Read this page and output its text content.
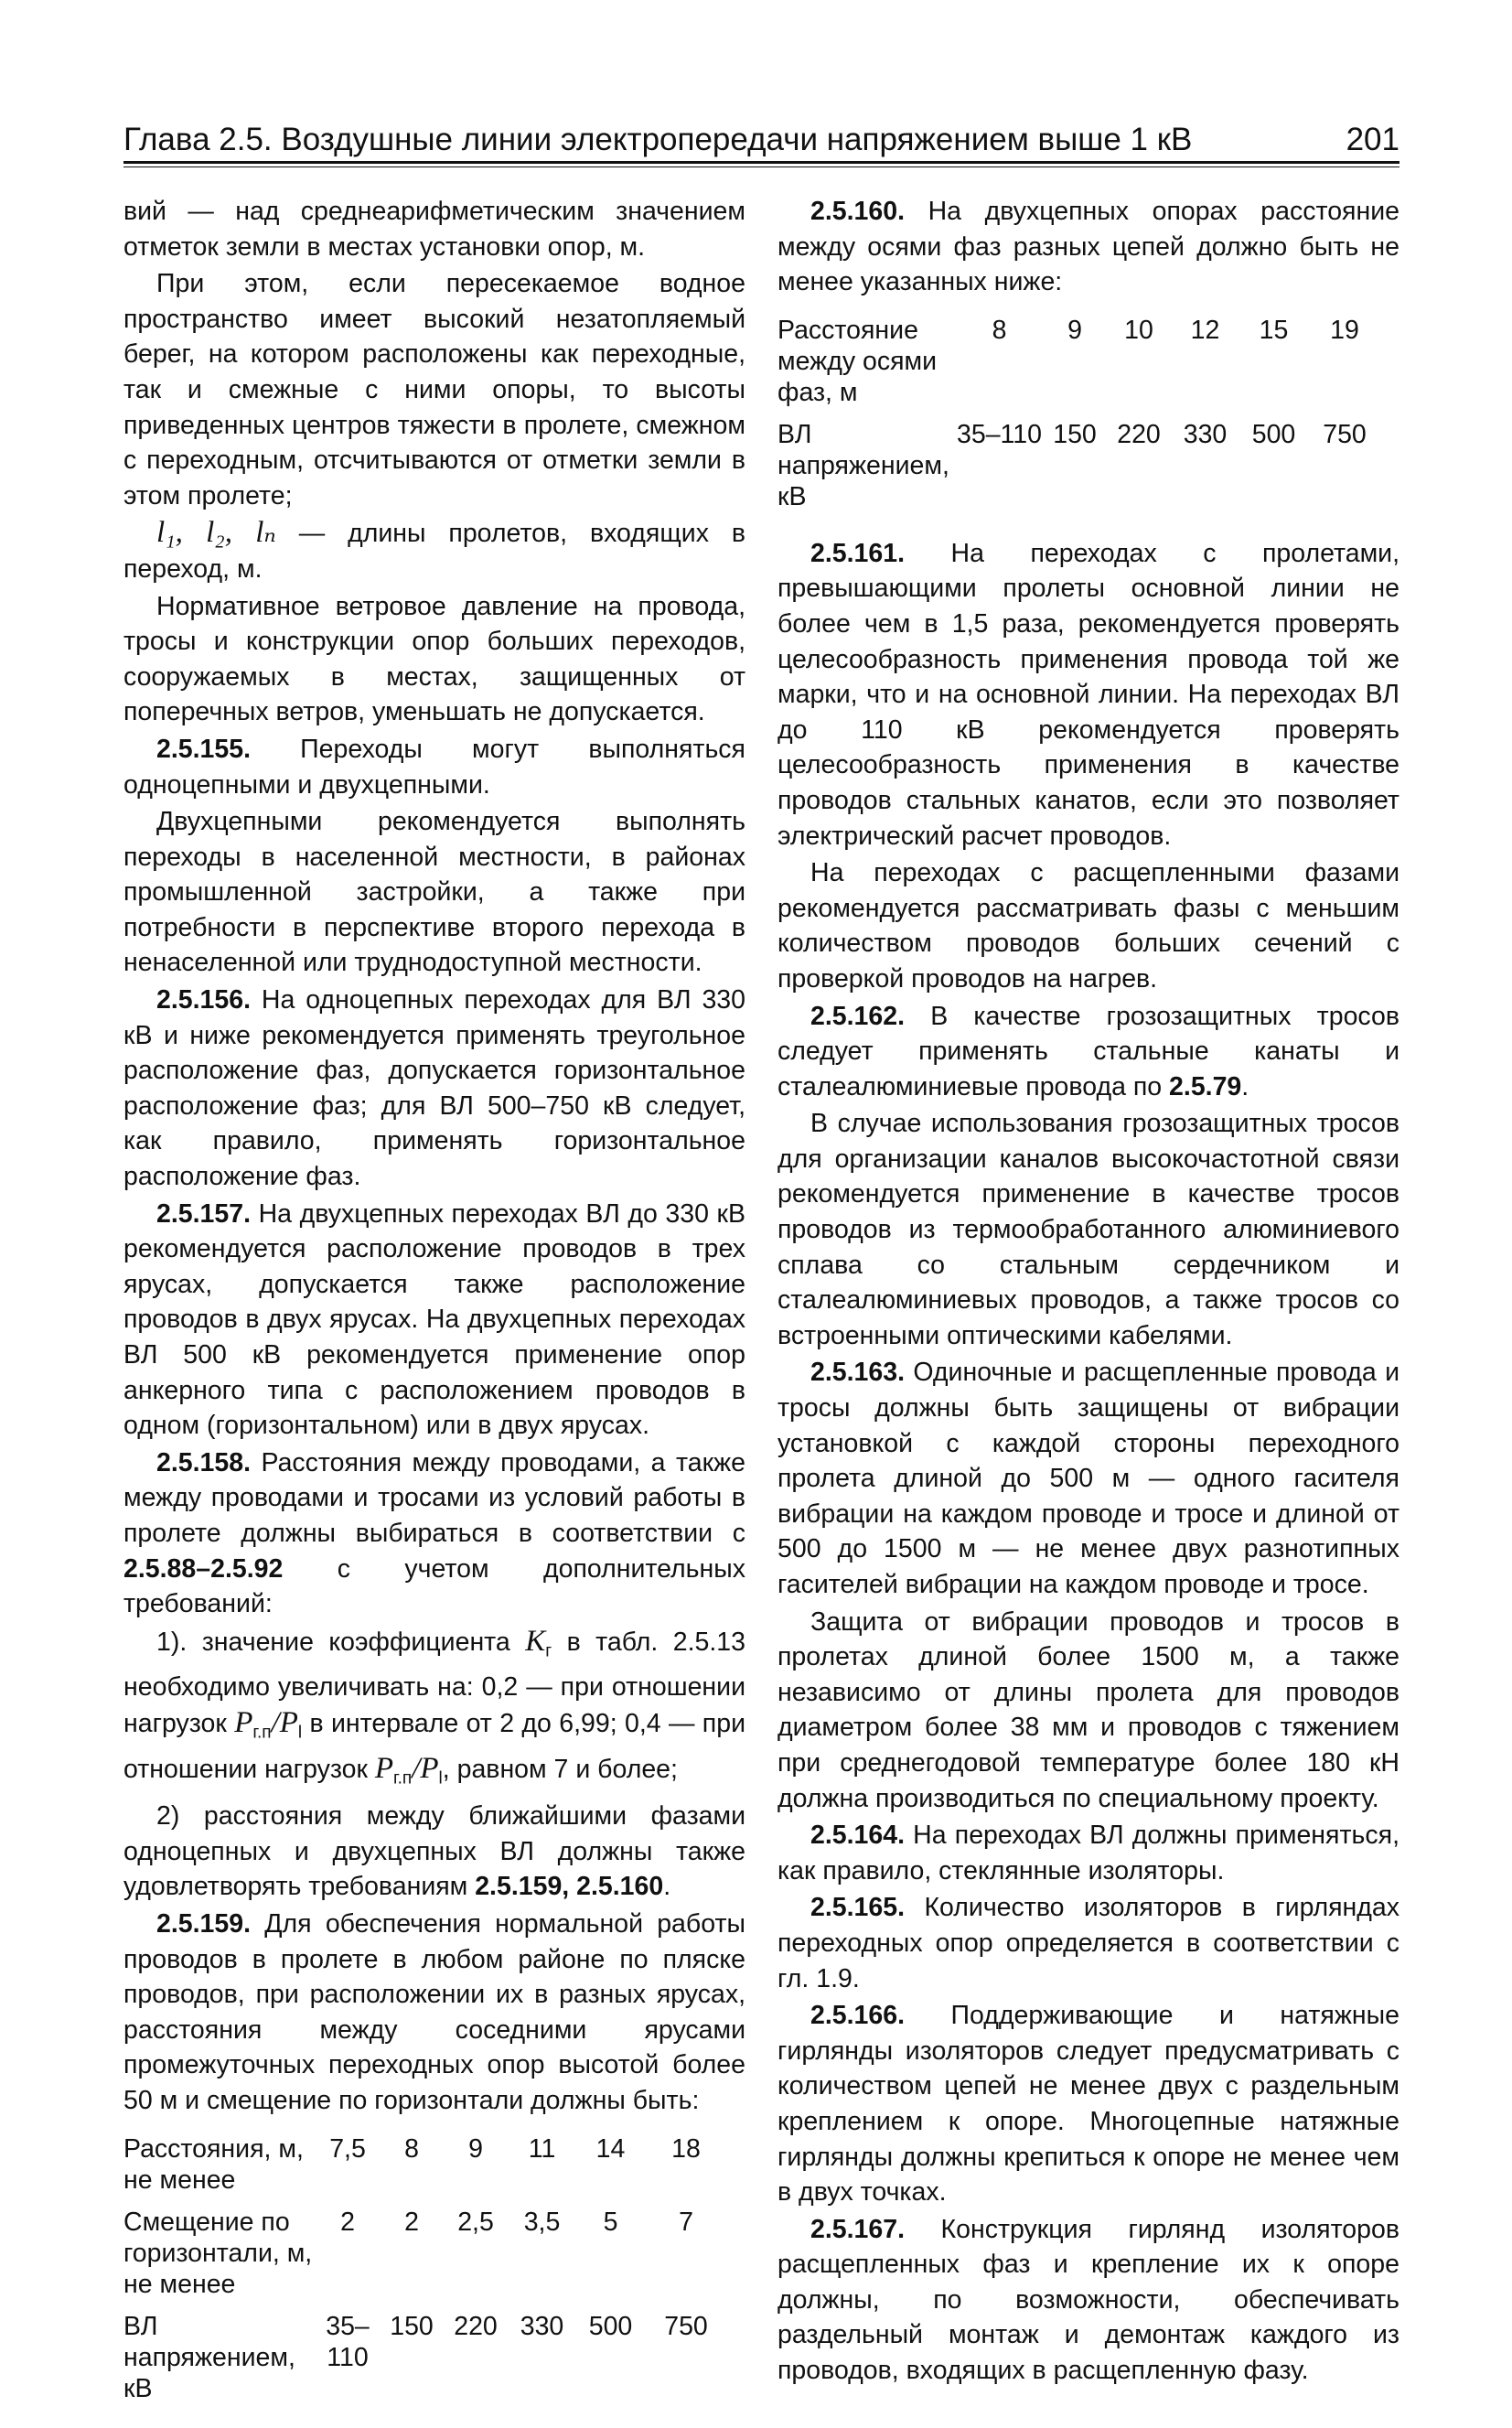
Глава 2.5. Воздушные линии электропередачи напряжением выше 1 кВ	201

вий — над среднеарифметическим значением отметок земли в местах установки опор, м.

При этом, если пересекаемое водное пространство имеет высокий незатопляемый берег, на котором расположены как переходные, так и смежные с ними опоры, то высоты приведенных центров тяжести в пролете, смежном с переходным, отсчитываются от отметки земли в этом пролете;

l₁, l₂, lₙ — длины пролетов, входящих в переход, м.

Нормативное ветровое давление на провода, тросы и конструкции опор больших переходов, сооружаемых в местах, защищенных от поперечных ветров, уменьшать не допускается.

2.5.155. Переходы могут выполняться одноцепными и двухцепными.

Двухцепными рекомендуется выполнять переходы в населенной местности, в районах промышленной застройки, а также при потребности в перспективе второго перехода в ненаселенной или труднодоступной местности.

2.5.156. На одноцепных переходах для ВЛ 330 кВ и ниже рекомендуется применять треугольное расположение фаз, допускается горизонтальное расположение фаз; для ВЛ 500–750 кВ следует, как правило, применять горизонтальное расположение фаз.

2.5.157. На двухцепных переходах ВЛ до 330 кВ рекомендуется расположение проводов в трех ярусах, допускается также расположение проводов в двух ярусах. На двухцепных переходах ВЛ 500 кВ рекомендуется применение опор анкерного типа с расположением проводов в одном (горизонтальном) или в двух ярусах.

2.5.158. Расстояния между проводами, а также между проводами и тросами из условий работы в пролете должны выбираться в соответствии с 2.5.88–2.5.92 с учетом дополнительных требований:

1). значение коэффициента $K_г$ в табл. 2.5.13 необходимо увеличивать на: 0,2 — при отношении нагрузок $P_{г.п}/P_l$ в интервале от 2 до 6,99; 0,4 — при отношении нагрузок $P_{г.п}/P_l$, равном 7 и более;

2) расстояния между ближайшими фазами одноцепных и двухцепных ВЛ должны также удовлетворять требованиям 2.5.159, 2.5.160.

2.5.159. Для обеспечения нормальной работы проводов в пролете в любом районе по пляске проводов, при расположении их в разных ярусах, расстояния между соседними ярусами промежуточных переходных опор высотой более 50 м и смещение по горизонтали должны быть:

Расстояния, м, не менее	7,5	8	9	11	14	18
Смещение по горизонтали, м, не менее	2	2	2,5	3,5	5	7
ВЛ напряжением, кВ	35–110	150	220	330	500	750

2.5.160. На двухцепных опорах расстояние между осями фаз разных цепей должно быть не менее указанных ниже:

Расстояние между осями фаз, м	8	9	10	12	15	19
ВЛ напряжением, кВ	35–110	150	220	330	500	750

2.5.161. На переходах с пролетами, превышающими пролеты основной линии не более чем в 1,5 раза, рекомендуется проверять целесообразность применения провода той же марки, что и на основной линии. На переходах ВЛ до 110 кВ рекомендуется проверять целесообразность применения в качестве проводов стальных канатов, если это позволяет электрический расчет проводов.

На переходах с расщепленными фазами рекомендуется рассматривать фазы с меньшим количеством проводов больших сечений с проверкой проводов на нагрев.

2.5.162. В качестве грозозащитных тросов следует применять стальные канаты и сталеалюминиевые провода по 2.5.79.

В случае использования грозозащитных тросов для организации каналов высокочастотной связи рекомендуется применение в качестве тросов проводов из термообработанного алюминиевого сплава со стальным сердечником и сталеалюминиевых проводов, а также тросов со встроенными оптическими кабелями.

2.5.163. Одиночные и расщепленные провода и тросы должны быть защищены от вибрации установкой с каждой стороны переходного пролета длиной до 500 м — одного гасителя вибрации на каждом проводе и тросе и длиной от 500 до 1500 м — не менее двух разнотипных гасителей вибрации на каждом проводе и тросе.

Защита от вибрации проводов и тросов в пролетах длиной более 1500 м, а также независимо от длины пролета для проводов диаметром более 38 мм и проводов с тяжением при среднегодовой температуре более 180 кН должна производиться по специальному проекту.

2.5.164. На переходах ВЛ должны применяться, как правило, стеклянные изоляторы.

2.5.165. Количество изоляторов в гирляндах переходных опор определяется в соответствии с гл. 1.9.

2.5.166. Поддерживающие и натяжные гирлянды изоляторов следует предусматривать с количеством цепей не менее двух с раздельным креплением к опоре. Многоцепные натяжные гирлянды должны крепиться к опоре не менее чем в двух точках.

2.5.167. Конструкция гирлянд изоляторов расщепленных фаз и крепление их к опоре должны, по возможности, обеспечивать раздельный монтаж и демонтаж каждого из проводов, входящих в расщепленную фазу.
